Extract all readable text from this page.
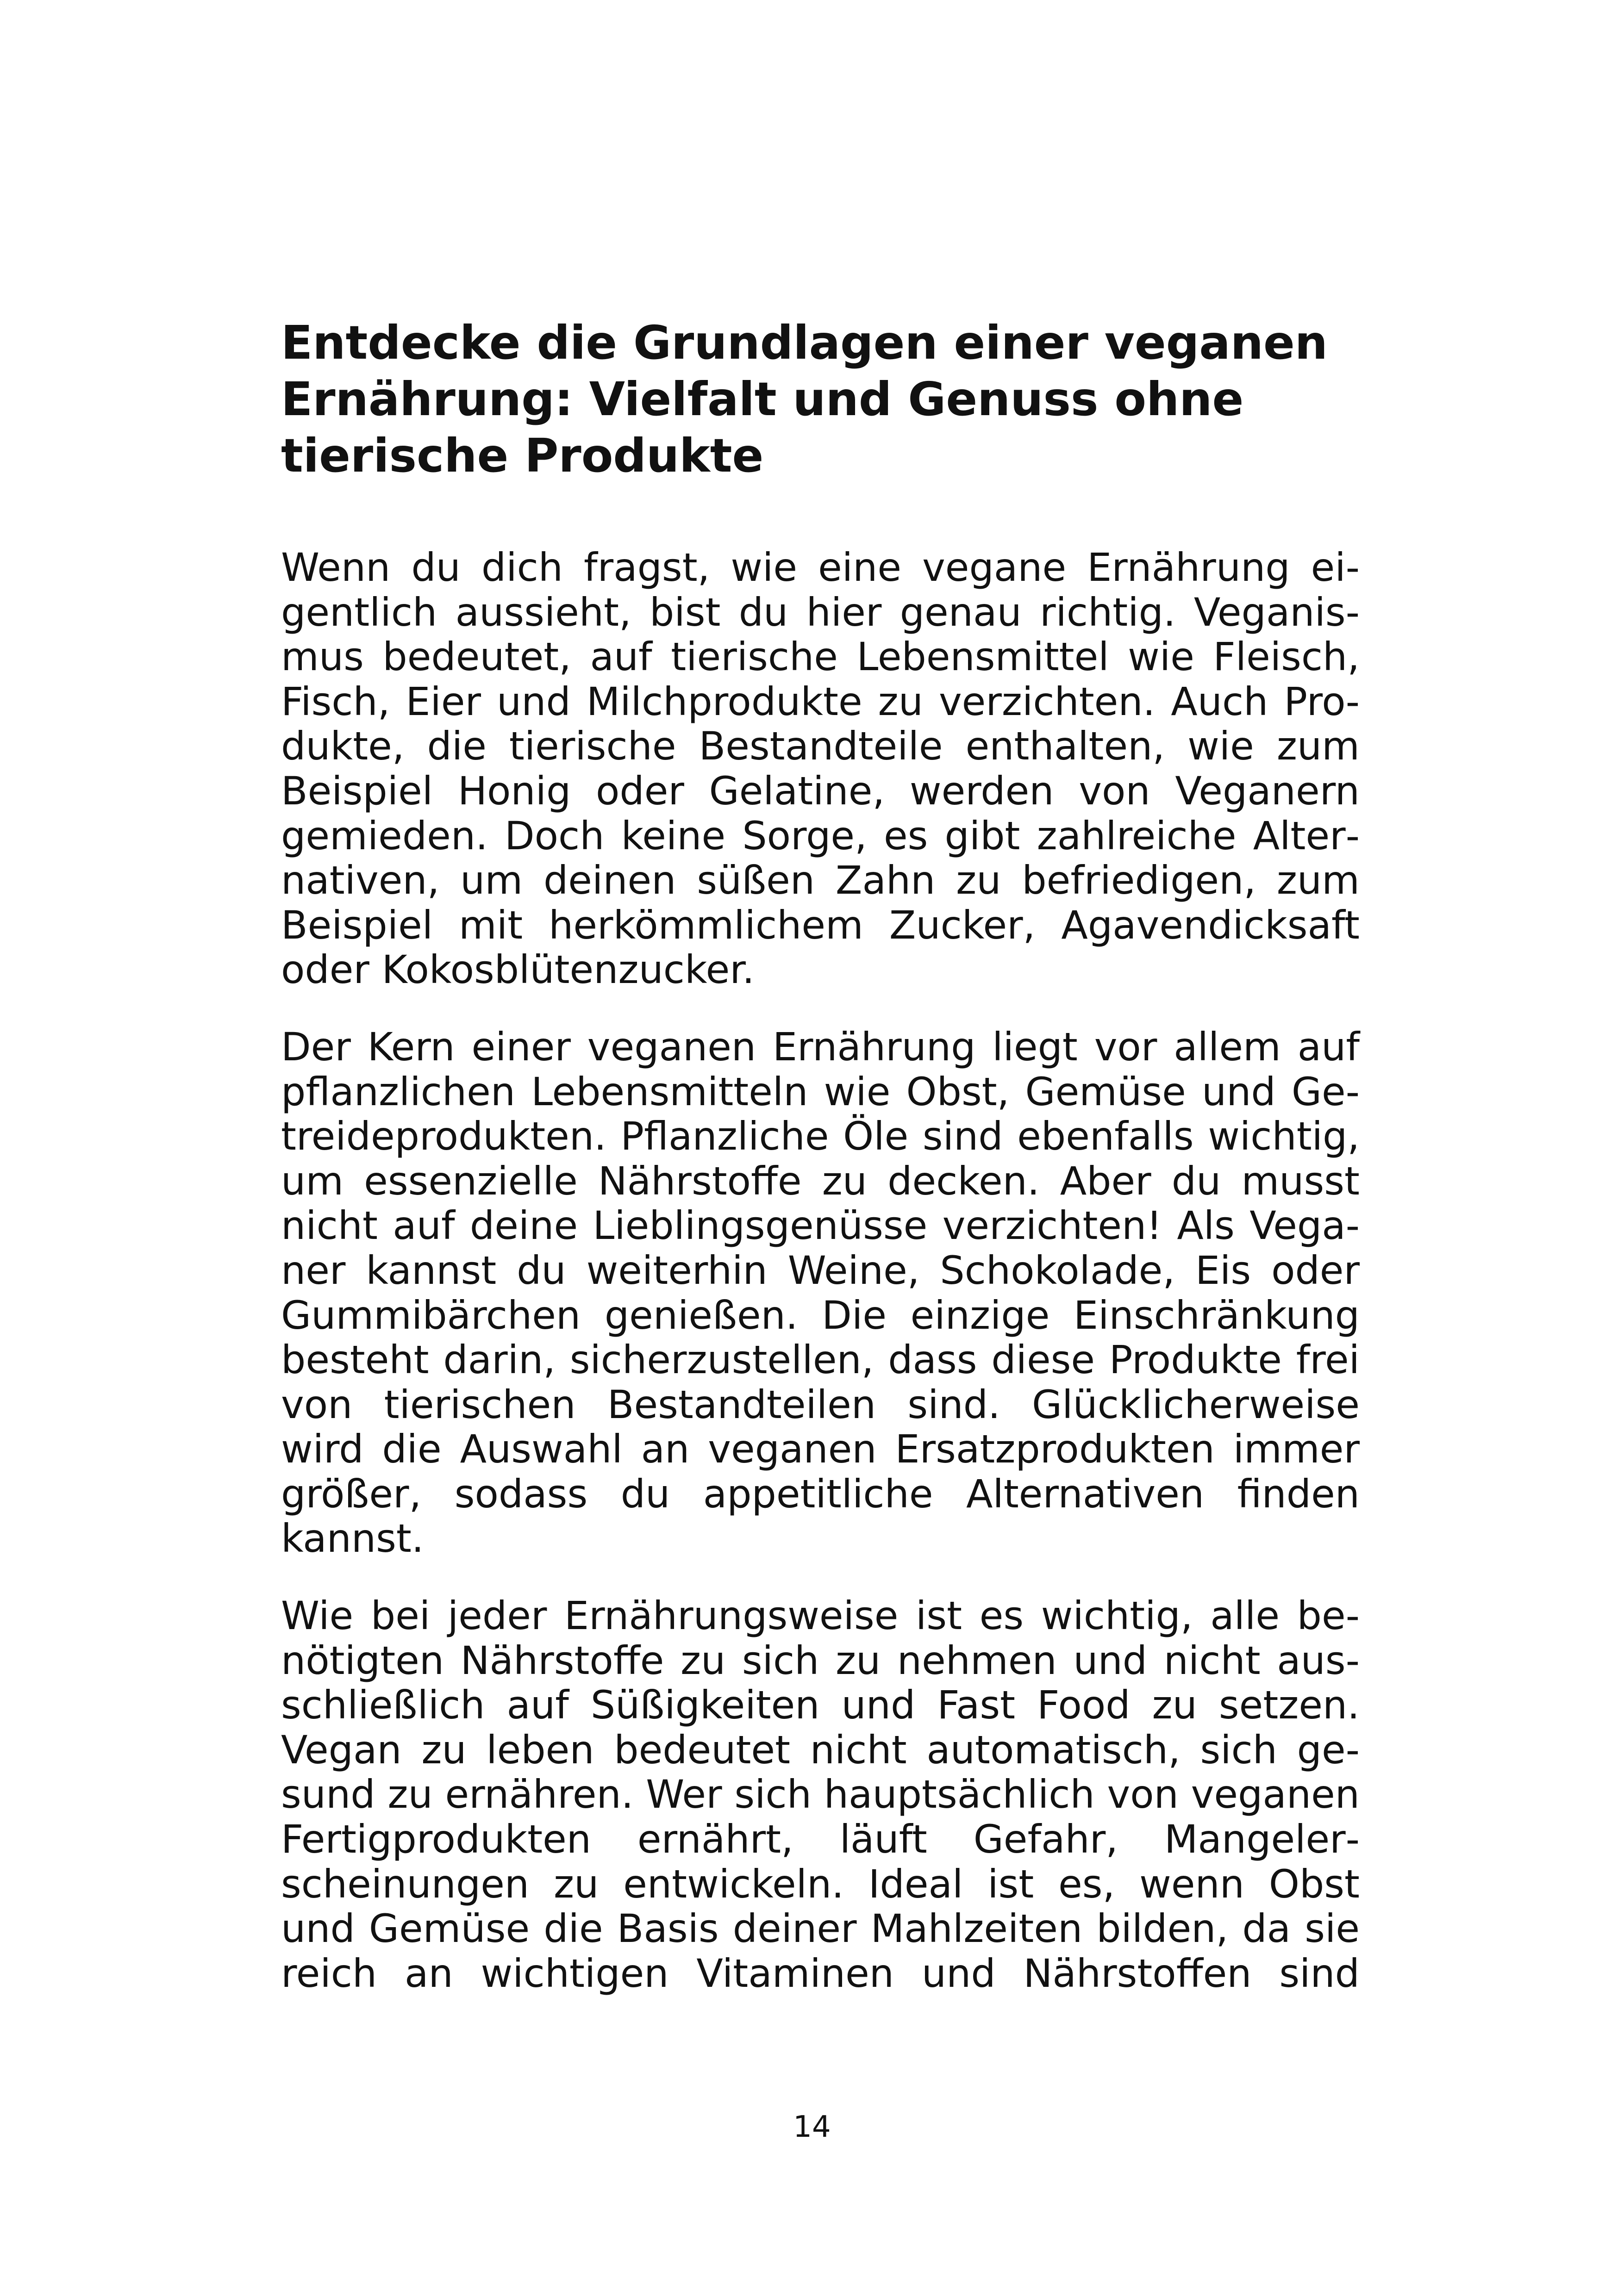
Entdecke die Grundlagen einer veganen Ernährung: Vielfalt und Genuss ohne tierische Produkte

Wenn du dich fragst, wie eine vegane Ernährung eigentlich aussieht, bist du hier genau richtig. Veganismus bedeutet, auf tierische Lebensmittel wie Fleisch, Fisch, Eier und Milchprodukte zu verzichten. Auch Produkte, die tierische Bestandteile enthalten, wie zum Beispiel Honig oder Gelatine, werden von Veganern gemieden. Doch keine Sorge, es gibt zahlreiche Alternativen, um deinen süßen Zahn zu befriedigen, zum Beispiel mit herkömmlichem Zucker, Agavendicksaft oder Kokosblütenzucker.

Der Kern einer veganen Ernährung liegt vor allem auf pflanzlichen Lebensmitteln wie Obst, Gemüse und Getreideprodukten. Pflanzliche Öle sind ebenfalls wichtig, um essenzielle Nährstoffe zu decken. Aber du musst nicht auf deine Lieblingsgenüsse verzichten! Als Veganer kannst du weiterhin Weine, Schokolade, Eis oder Gummibärchen genießen. Die einzige Einschränkung besteht darin, sicherzustellen, dass diese Produkte frei von tierischen Bestandteilen sind. Glücklicherweise wird die Auswahl an veganen Ersatzprodukten immer größer, sodass du appetitliche Alternativen finden kannst.

Wie bei jeder Ernährungsweise ist es wichtig, alle benötigten Nährstoffe zu sich zu nehmen und nicht ausschließlich auf Süßigkeiten und Fast Food zu setzen. Vegan zu leben bedeutet nicht automatisch, sich gesund zu ernähren. Wer sich hauptsächlich von veganen Fertigprodukten ernährt, läuft Gefahr, Mangelerscheinungen zu entwickeln. Ideal ist es, wenn Obst und Gemüse die Basis deiner Mahlzeiten bilden, da sie reich an wichtigen Vitaminen und Nährstoffen sind

14
